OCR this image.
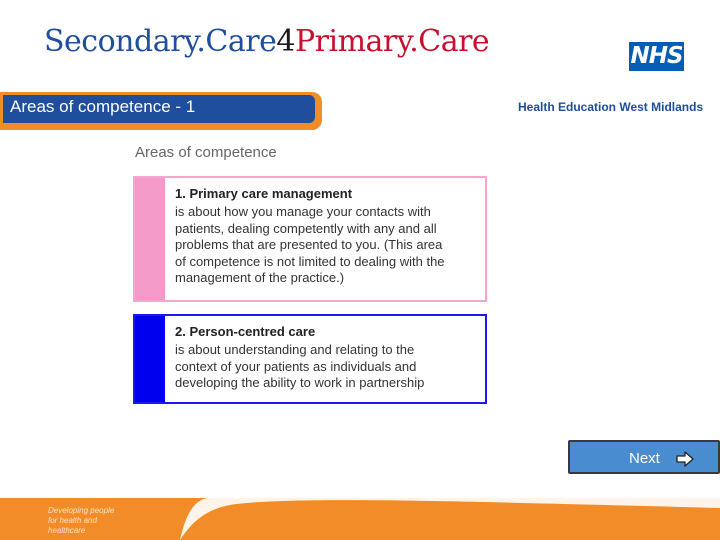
Secondary.Care4Primary.Care	NHS
Health Education West Midlands
Areas of competence - 1
Areas of competence
1. Primary care management
is about how you manage your contacts with
patients, dealing competently with any and all
problems that are presented to you. (This area
of competence is not limited to dealing with the
management of the practice.)
2. Person-centred care
is about understanding and relating to the
context of your patients as individuals and
developing the ability to work in partnership
Next
Developing people
for health and
healthcare
